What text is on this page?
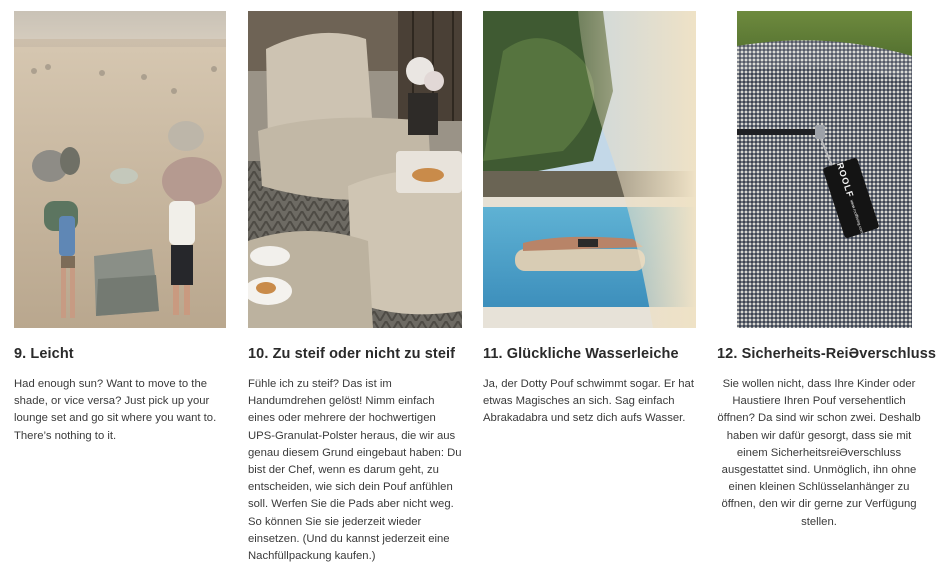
9. Leicht

Had enough sun? Want to move to the shade, or vice versa? Just pick up your lounge set and go sit where you want to. There’s nothing to it.

10. Zu steif oder nicht zu steif

Fühle ich zu steif? Das ist im Handumdrehen gelöst! Nimm einfach eines oder mehrere der hochwertigen UPS-Granulat-Polster heraus, die wir aus genau diesem Grund eingebaut haben: Du bist der Chef, wenn es darum geht, zu entscheiden, wie sich dein Pouf anfühlen soll. Werfen Sie die Pads aber nicht weg. So können Sie sie jederzeit wieder einsetzen. (Und du kannst jederzeit eine Nachfüllpackung kaufen.)

11. Glückliche Wasserleiche

Ja, der Dotty Pouf schwimmt sogar. Er hat etwas Magisches an sich. Sag einfach Abrakadabra und setz dich aufs Wasser.

ROOLF
www.roolfliving.com
12. Sicherheits-ReiƏverschluss

Sie wollen nicht, dass Ihre Kinder oder Haustiere Ihren Pouf versehentlich öffnen? Da sind wir schon zwei. Deshalb haben wir dafür gesorgt, dass sie mit einem SicherheitsreiƏverschluss ausgestattet sind. Unmöglich, ihn ohne einen kleinen Schlüsselanhänger zu öffnen, den wir dir gerne zur Verfügung stellen.
